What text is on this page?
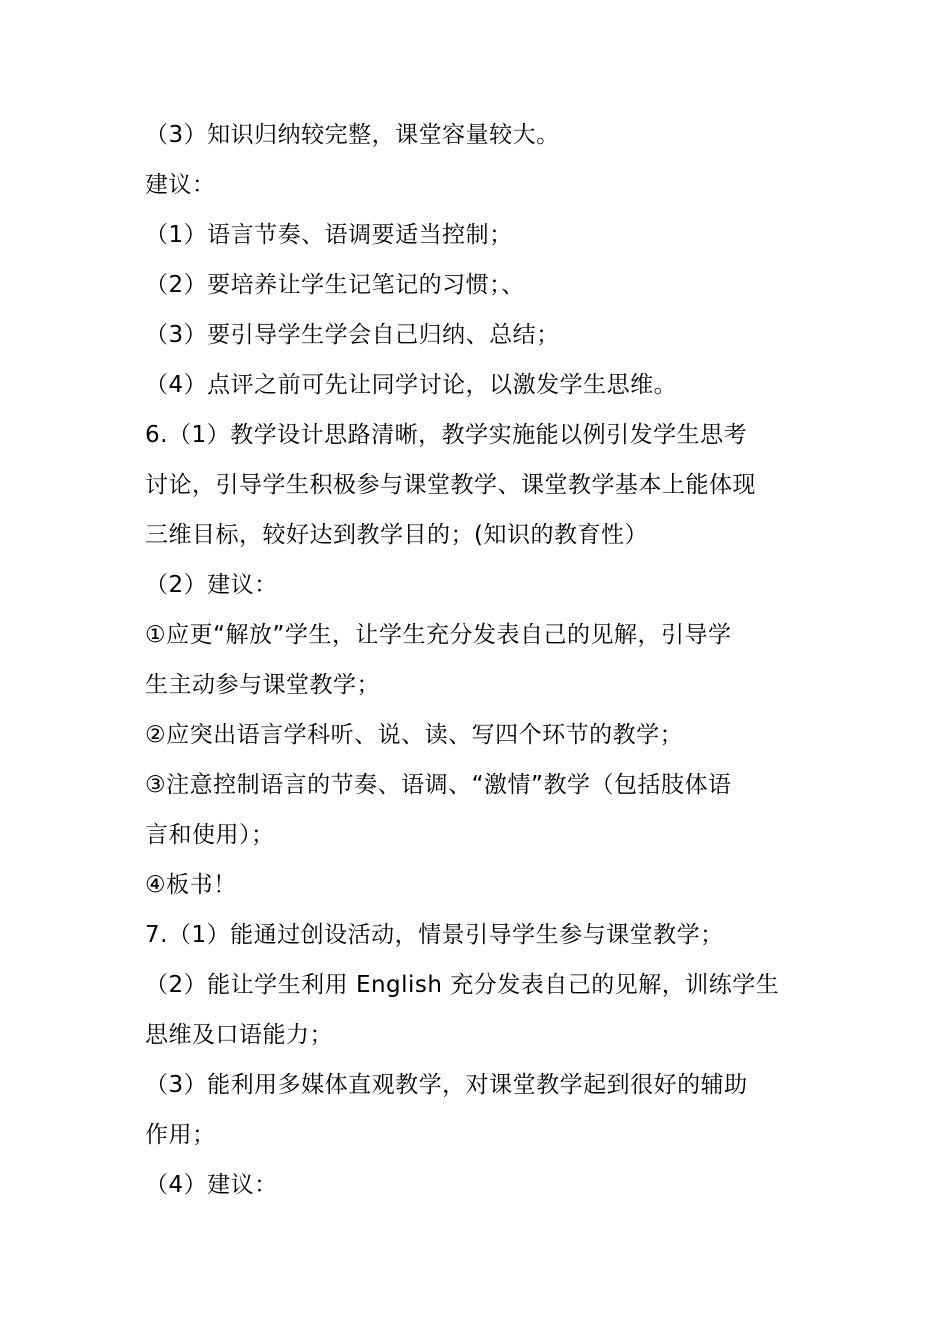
（3）知识归纳较完整，课堂容量较大。
建议：
（1）语言节奏、语调要适当控制；
（2）要培养让学生记笔记的习惯；、
（3）要引导学生学会自己归纳、总结；
（4）点评之前可先让同学讨论，以激发学生思维。
6.（1）教学设计思路清晰，教学实施能以例引发学生思考
讨论，引导学生积极参与课堂教学、课堂教学基本上能体现
三维目标，较好达到教学目的；(知识的教育性）
（2）建议：
①应更“解放”学生，让学生充分发表自己的见解，引导学
生主动参与课堂教学；
②应突出语言学科听、说、读、写四个环节的教学；
③注意控制语言的节奏、语调、“激情”教学（包括肢体语
言和使用）；
④板书！
7.（1）能通过创设活动，情景引导学生参与课堂教学；
（2）能让学生利用 English 充分发表自己的见解，训练学生
思维及口语能力；
（3）能利用多媒体直观教学，对课堂教学起到很好的辅助
作用；
（4）建议：
